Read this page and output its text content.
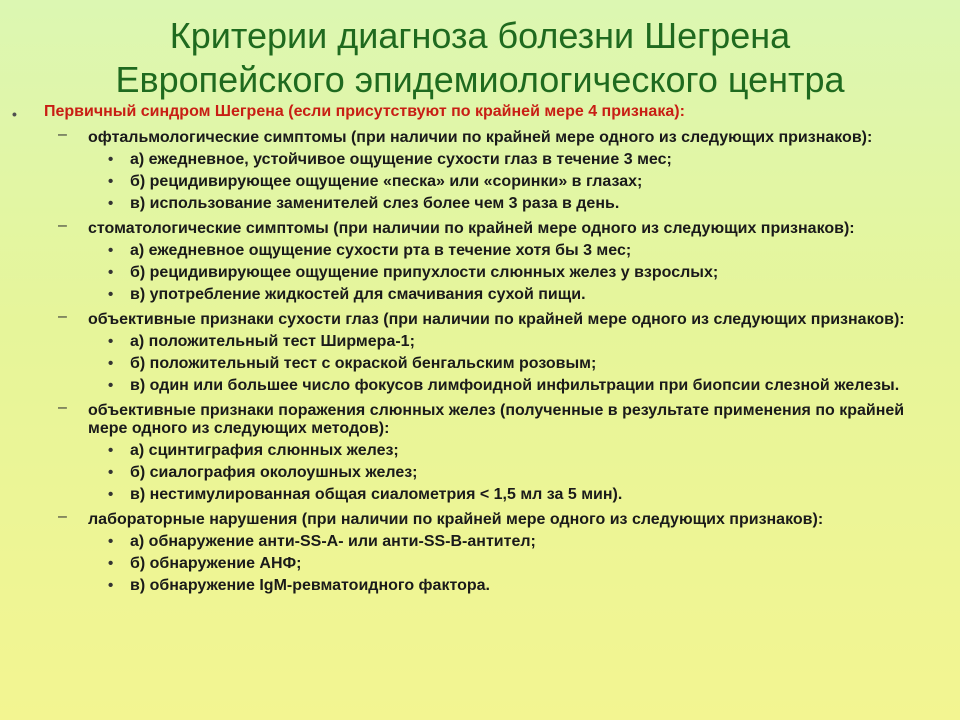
Критерии диагноза болезни Шегрена
Европейского эпидемиологического центра
• Первичный синдром Шегрена (если присутствуют по крайней мере 4 признака):
– офтальмологические симптомы (при наличии по крайней мере одного из следующих признаков):
• а) ежедневное, устойчивое ощущение сухости глаз в течение 3 мес;
• б) рецидивирующее ощущение «песка» или «соринки» в глазах;
• в) использование заменителей слез более чем 3 раза в день.
– стоматологические симптомы (при наличии по крайней мере одного из следующих признаков):
• а) ежедневное ощущение сухости рта в течение хотя бы 3 мес;
• б) рецидивирующее ощущение припухлости слюнных желез у взрослых;
• в) употребление жидкостей для смачивания сухой пищи.
– объективные признаки сухости глаз (при наличии по крайней мере одного из следующих признаков):
• а) положительный тест Ширмера-1;
• б) положительный тест с окраской бенгальским розовым;
• в) один или большее число фокусов лимфоидной инфильтрации при биопсии слезной железы.
– объективные признаки поражения слюнных желез (полученные в результате применения по крайней мере одного из следующих методов):
• а) сцинтиграфия слюнных желез;
• б) сиалография околоушных желез;
• в) нестимулированная общая сиалометрия < 1,5 мл за 5 мин).
– лабораторные нарушения (при наличии по крайней мере одного из следующих признаков):
• а) обнаружение анти-SS-A- или анти-SS-B-антител;
• б) обнаружение АНФ;
• в) обнаружение IgM-ревматоидного фактора.
